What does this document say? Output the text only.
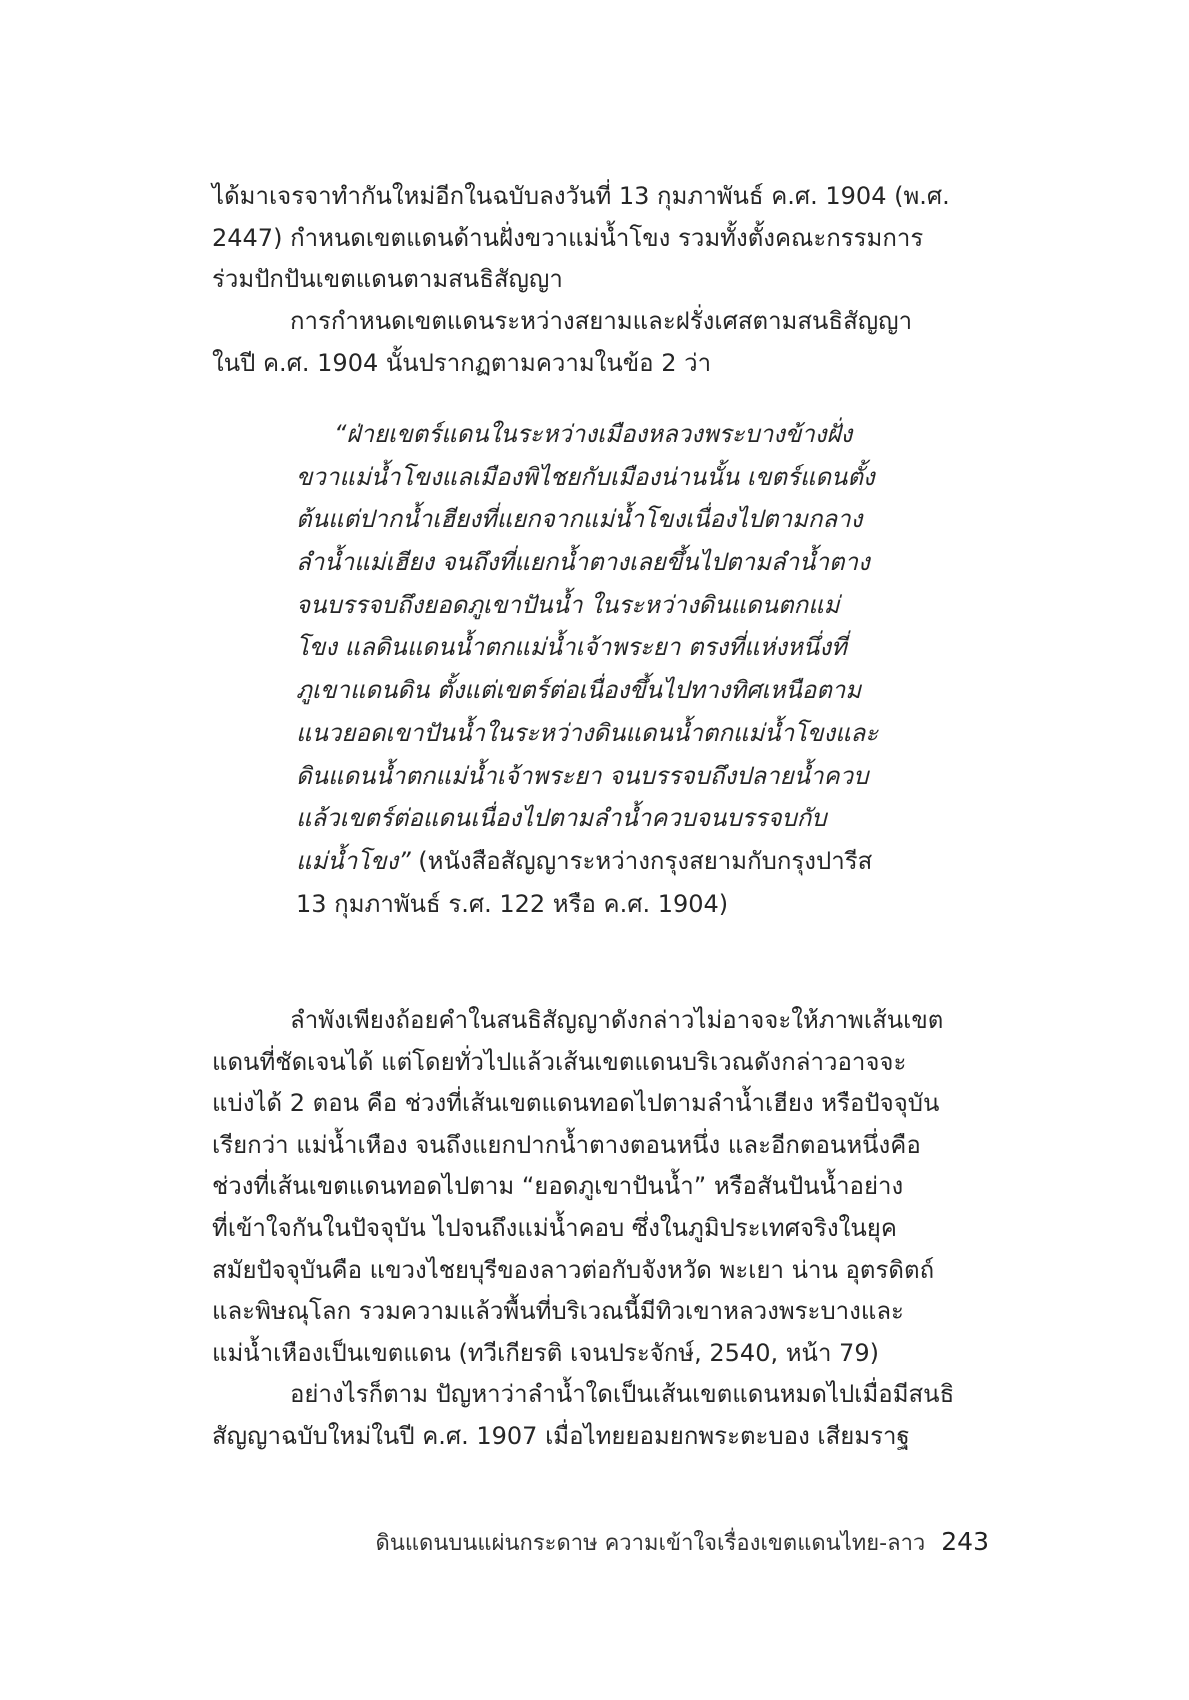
ได้มาเจรจาทำกันใหม่อีกในฉบับลงวันที่ 13 กุมภาพันธ์ ค.ศ. 1904 (พ.ศ.
2447) กำหนดเขตแดนด้านฝั่งขวาแม่น้ำโขง รวมทั้งตั้งคณะกรรมการ
ร่วมปักปันเขตแดนตามสนธิสัญญา
การกำหนดเขตแดนระหว่างสยามและฝรั่งเศสตามสนธิสัญญา
ในปี ค.ศ. 1904 นั้นปรากฏตามความในข้อ 2 ว่า
“ฝ่ายเขตร์แดนในระหว่างเมืองหลวงพระบางข้างฝั่ง
ขวาแม่น้ำโขงแลเมืองพิไชยกับเมืองน่านนั้น เขตร์แดนตั้ง
ต้นแต่ปากน้ำเฮียงที่แยกจากแม่น้ำโขงเนื่องไปตามกลาง
ลำน้ำแม่เฮียง จนถึงที่แยกน้ำตางเลยขึ้นไปตามลำน้ำตาง
จนบรรจบถึงยอดภูเขาปันน้ำ ในระหว่างดินแดนตกแม่
โขง แลดินแดนน้ำตกแม่น้ำเจ้าพระยา ตรงที่แห่งหนึ่งที่
ภูเขาแดนดิน ตั้งแต่เขตร์ต่อเนื่องขึ้นไปทางทิศเหนือตาม
แนวยอดเขาปันน้ำในระหว่างดินแดนน้ำตกแม่น้ำโขงและ
ดินแดนน้ำตกแม่น้ำเจ้าพระยา จนบรรจบถึงปลายน้ำควบ
แล้วเขตร์ต่อแดนเนื่องไปตามลำน้ำควบจนบรรจบกับ
แม่น้ำโขง” (หนังสือสัญญาระหว่างกรุงสยามกับกรุงปารีส
13 กุมภาพันธ์ ร.ศ. 122 หรือ ค.ศ. 1904)
ลำพังเพียงถ้อยคำในสนธิสัญญาดังกล่าวไม่อาจจะให้ภาพเส้นเขต
แดนที่ชัดเจนได้ แต่โดยทั่วไปแล้วเส้นเขตแดนบริเวณดังกล่าวอาจจะ
แบ่งได้ 2 ตอน คือ ช่วงที่เส้นเขตแดนทอดไปตามลำน้ำเฮียง หรือปัจจุบัน
เรียกว่า แม่น้ำเหือง จนถึงแยกปากน้ำตางตอนหนึ่ง และอีกตอนหนึ่งคือ
ช่วงที่เส้นเขตแดนทอดไปตาม “ยอดภูเขาปันน้ำ” หรือสันปันน้ำอย่าง
ที่เข้าใจกันในปัจจุบัน ไปจนถึงแม่น้ำคอบ ซึ่งในภูมิประเทศจริงในยุค
สมัยปัจจุบันคือ แขวงไชยบุรีของลาวต่อกับจังหวัด พะเยา น่าน อุตรดิตถ์
และพิษณุโลก รวมความแล้วพื้นที่บริเวณนี้มีทิวเขาหลวงพระบางและ
แม่น้ำเหืองเป็นเขตแดน (ทวีเกียรติ เจนประจักษ์, 2540, หน้า 79)
อย่างไรก็ตาม ปัญหาว่าลำน้ำใดเป็นเส้นเขตแดนหมดไปเมื่อมีสนธิ
สัญญาฉบับใหม่ในปี ค.ศ. 1907 เมื่อไทยยอมยกพระตะบอง เสียมราฐ
ดินแดนบนแผ่นกระดาษ ความเข้าใจเรื่องเขตแดนไทย-ลาว 243
